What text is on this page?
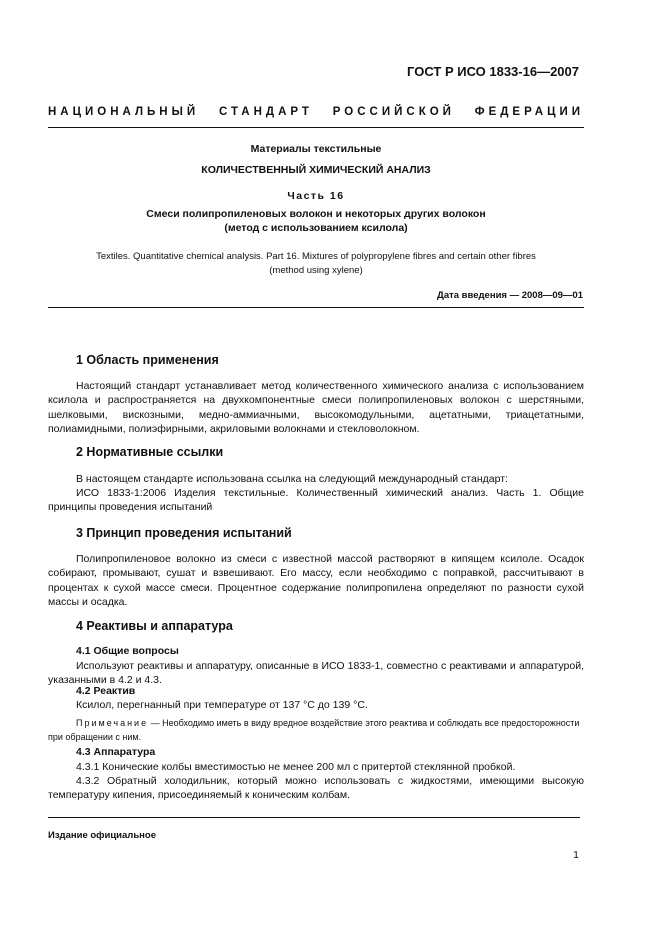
ГОСТ Р ИСО 1833-16—2007
НАЦИОНАЛЬНЫЙ СТАНДАРТ РОССИЙСКОЙ ФЕДЕРАЦИИ
Материалы текстильные
КОЛИЧЕСТВЕННЫЙ ХИМИЧЕСКИЙ АНАЛИЗ
Часть 16
Смеси полипропиленовых волокон и некоторых других волокон
(метод с использованием ксилола)
Textiles. Quantitative chemical analysis. Part 16. Mixtures of polypropylene fibres and certain other fibres
(method using xylene)
Дата введения — 2008—09—01
1 Область применения
Настоящий стандарт устанавливает метод количественного химического анализа с использованием ксилола и распространяется на двухкомпонентные смеси полипропиленовых волокон с шерстяными, шелковыми, вискозными, медно-аммиачными, высокомодульными, ацетатными, триацетатными, полиамидными, полиэфирными, акриловыми волокнами и стекловолокном.
2 Нормативные ссылки
В настоящем стандарте использована ссылка на следующий международный стандарт:
ИСО 1833-1:2006 Изделия текстильные. Количественный химический анализ. Часть 1. Общие принципы проведения испытаний
3 Принцип проведения испытаний
Полипропиленовое волокно из смеси с известной массой растворяют в кипящем ксилоле. Осадок собирают, промывают, сушат и взвешивают. Его массу, если необходимо с поправкой, рассчитывают в процентах к сухой массе смеси. Процентное содержание полипропилена определяют по разности сухой массы и осадка.
4 Реактивы и аппаратура
4.1 Общие вопросы
Используют реактивы и аппаратуру, описанные в ИСО 1833-1, совместно с реактивами и аппаратурой, указанными в 4.2 и 4.3.
4.2 Реактив
Ксилол, перегнанный при температуре от 137 °С до 139 °С.
Примечание — Необходимо иметь в виду вредное воздействие этого реактива и соблюдать все предосторожности при обращении с ним.
4.3 Аппаратура
4.3.1 Конические колбы вместимостью не менее 200 мл с притертой стеклянной пробкой.
4.3.2 Обратный холодильник, который можно использовать с жидкостями, имеющими высокую температуру кипения, присоединяемый к коническим колбам.
Издание официальное
1
